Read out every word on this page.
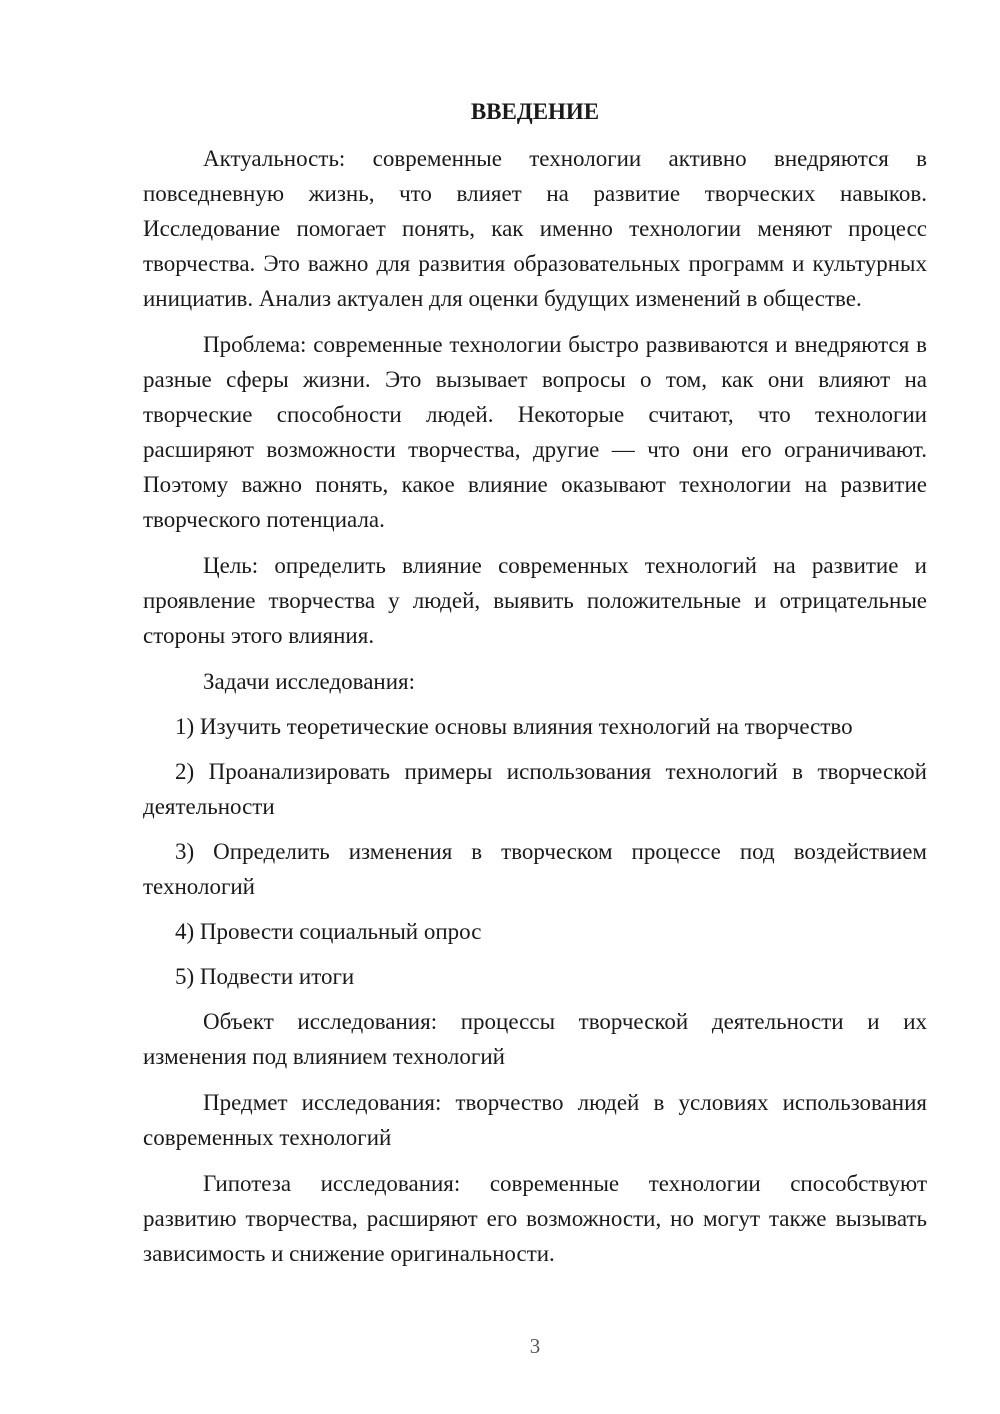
ВВЕДЕНИЕ

Актуальность: современные технологии активно внедряются в повседневную жизнь, что влияет на развитие творческих навыков. Исследование помогает понять, как именно технологии меняют процесс творчества. Это важно для развития образовательных программ и культурных инициатив. Анализ актуален для оценки будущих изменений в обществе.

Проблема: современные технологии быстро развиваются и внедряются в разные сферы жизни. Это вызывает вопросы о том, как они влияют на творческие способности людей. Некоторые считают, что технологии расширяют возможности творчества, другие — что они его ограничивают. Поэтому важно понять, какое влияние оказывают технологии на развитие творческого потенциала.

Цель: определить влияние современных технологий на развитие и проявление творчества у людей, выявить положительные и отрицательные стороны этого влияния.

Задачи исследования:

1) Изучить теоретические основы влияния технологий на творчество

2) Проанализировать примеры использования технологий в творческой деятельности

3) Определить изменения в творческом процессе под воздействием технологий

4) Провести социальный опрос

5) Подвести итоги

Объект исследования: процессы творческой деятельности и их изменения под влиянием технологий

Предмет исследования: творчество людей в условиях использования современных технологий

Гипотеза исследования: современные технологии способствуют развитию творчества, расширяют его возможности, но могут также вызывать зависимость и снижение оригинальности.

3
